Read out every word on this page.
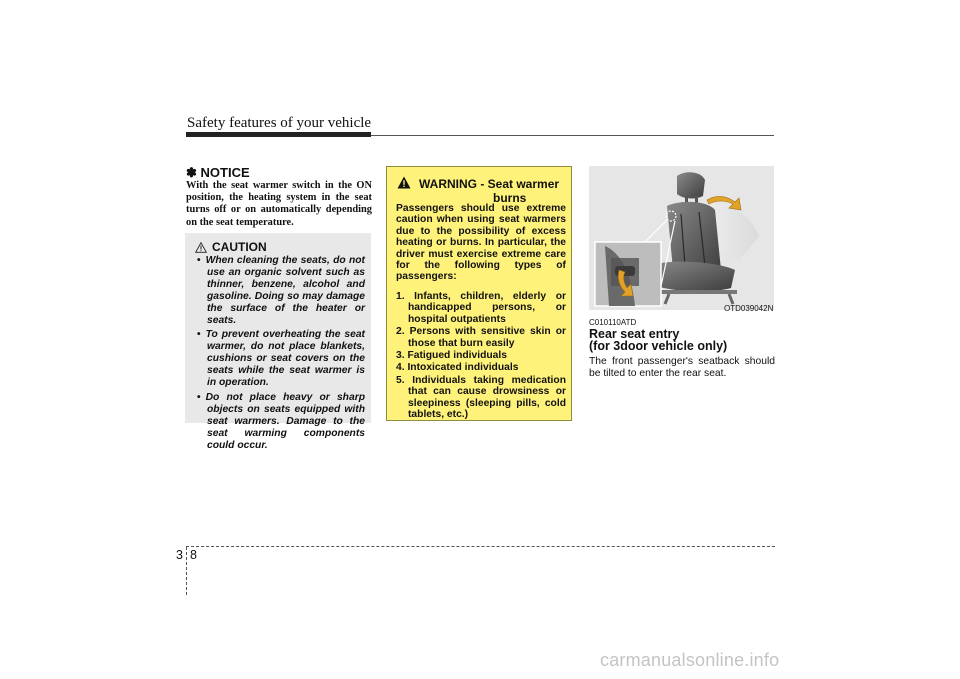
Safety features of your vehicle
✽ NOTICE
With the seat warmer switch in the ON position, the heating system in the seat turns off or on automatically depending on the seat temperature.
CAUTION
• When cleaning the seats, do not use an organic solvent such as thinner, benzene, alcohol and gasoline. Doing so may damage the surface of the heater or seats.
• To prevent overheating the seat warmer, do not place blankets, cushions or seat covers on the seats while the seat warmer is in operation.
• Do not place heavy or sharp objects on seats equipped with seat warmers. Damage to the seat warming components could occur.
WARNING - Seat warmer
burns
Passengers should use extreme caution when using seat warmers due to the possibility of excess heating or burns. In particular, the driver must exercise extreme care for the following types of passengers:
1. Infants, children, elderly or handicapped persons, or hospital outpatients
2. Persons with sensitive skin or those that burn easily
3. Fatigued individuals
4. Intoxicated individuals
5. Individuals taking medication that can cause drowsiness or sleepiness (sleeping pills, cold tablets, etc.)
OTD039042N
C010110ATD
Rear seat entry
(for 3door vehicle only)
The front passenger's seatback should be tilted to enter the rear seat.
3 8
carmanualsonline.info
